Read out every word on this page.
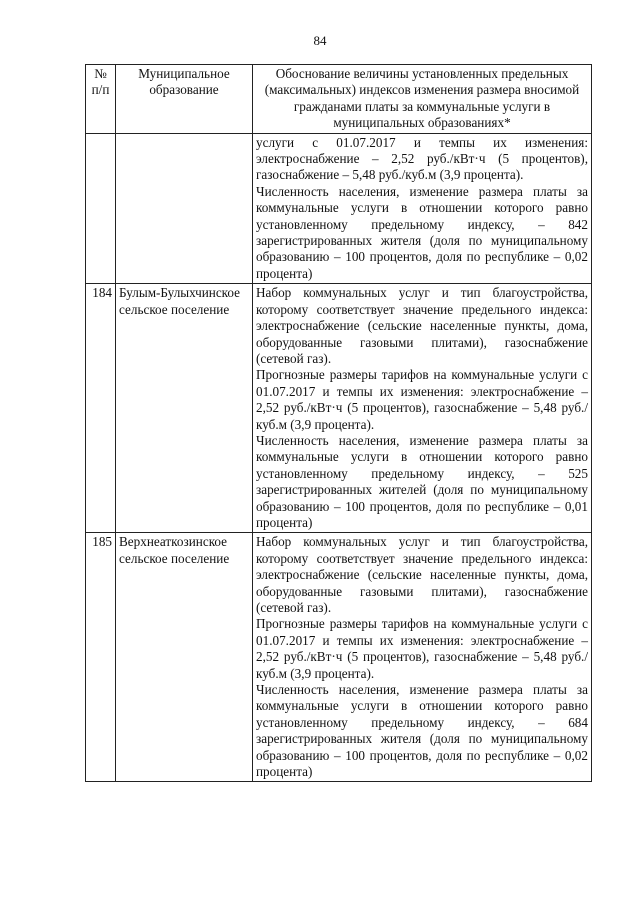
84
№
п/п	Муниципальное образование	Обоснование величины установленных предельных (максимальных) индексов изменения размера вносимой гражданами платы за коммунальные услуги в муниципальных образованиях*

		услуги с 01.07.2017 и темпы их изменения: электроснабжение – 2,52 руб./кВт·ч (5 процентов), газоснабжение – 5,48 руб./куб.м (3,9 процента).

Численность населения, изменение размера платы за коммунальные услуги в отношении которого равно установленному предельному индексу, – 842 зарегистрированных жителя (доля по муниципальному образованию – 100 процентов, доля по республике – 0,02 процента)

184	Булым-Булыхчинское сельское поселение	Набор коммунальных услуг и тип благоустройства, которому соответствует значение предельного индекса: электроснабжение (сельские населенные пункты, дома, оборудованные газовыми плитами), газоснабжение (сетевой газ).

Прогнозные размеры тарифов на коммунальные услуги с 01.07.2017 и темпы их изменения: электроснабжение – 2,52 руб./кВт·ч (5 процентов), газоснабжение – 5,48 руб./куб.м (3,9 процента).

Численность населения, изменение размера платы за коммунальные услуги в отношении которого равно установленному предельному индексу, – 525 зарегистрированных жителей (доля по муниципальному образованию – 100 процентов, доля по республике – 0,01 процента)

185	Верхнеаткозинское сельское поселение	Набор коммунальных услуг и тип благоустройства, которому соответствует значение предельного индекса: электроснабжение (сельские населенные пункты, дома, оборудованные газовыми плитами), газоснабжение (сетевой газ).

Прогнозные размеры тарифов на коммунальные услуги с 01.07.2017 и темпы их изменения: электроснабжение – 2,52 руб./кВт·ч (5 процентов), газоснабжение – 5,48 руб./куб.м (3,9 процента).

Численность населения, изменение размера платы за коммунальные услуги в отношении которого равно установленному предельному индексу, – 684 зарегистрированных жителя (доля по муниципальному образованию – 100 процентов, доля по республике – 0,02 процента)
